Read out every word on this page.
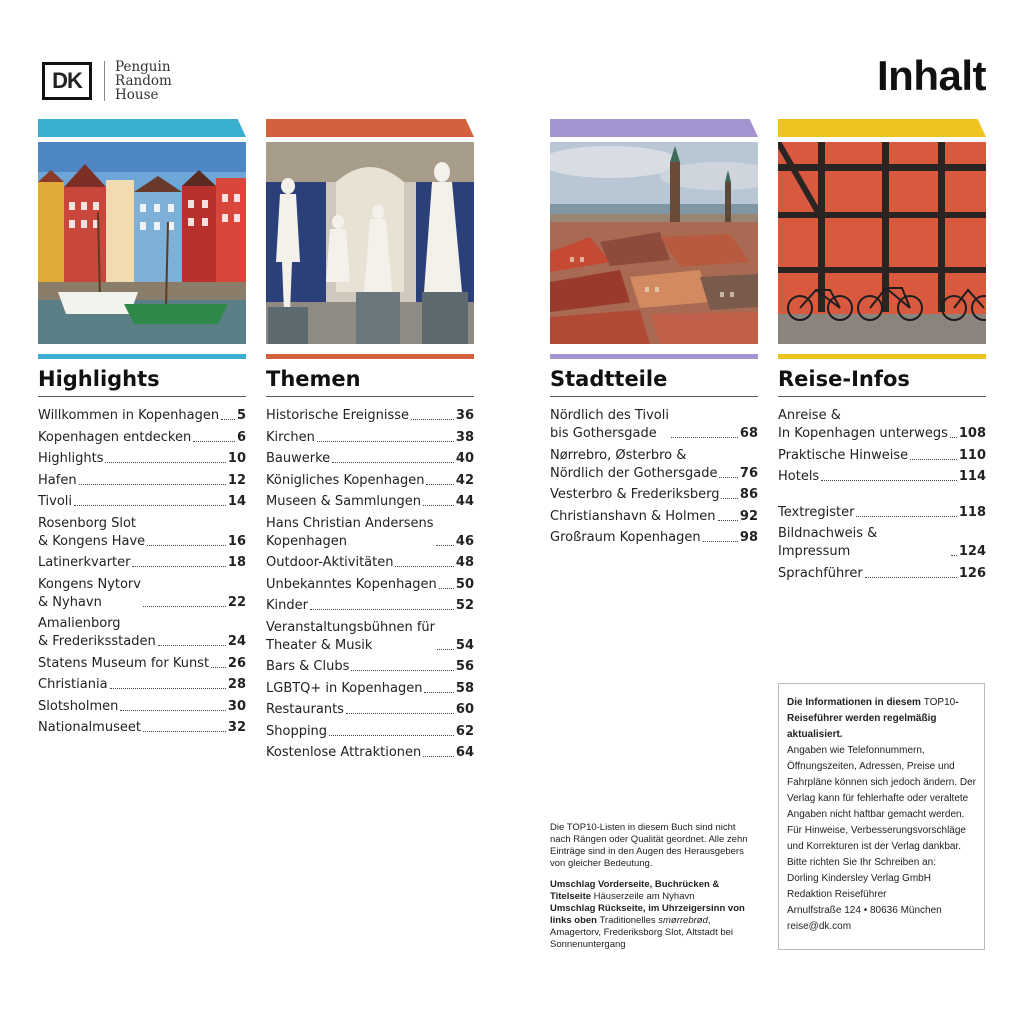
DK
Penguin
Random
House	Inhalt
Highlights
Willkommen in Kopenhagen 5
Kopenhagen entdecken	6
Highlights	10
Hafen	12
Tivoli	14
Rosenborg Slot
& Kongens Have	16
Latinerkvarter	18
Kongens Nytorv
& Nyhavn	22
Amalienborg
& Frederiksstaden	24
Statens Museum for Kunst 26
Christiania	28
Slotsholmen	30
Nationalmuseet	32
Themen
Historische Ereignisse	36
Kirchen	38
Bauwerke	40
Königliches Kopenhagen 42
Museen & Sammlungen	44
Hans Christian Andersens
Kopenhagen	46
Outdoor-Aktivitäten	48
Unbekanntes Kopenhagen 50
Kinder	52
Veranstaltungsbühnen für
Theater & Musik	54
Bars & Clubs	56
LGBTQ+ in Kopenhagen	58
Restaurants	60
Shopping	62
Kostenlose Attraktionen	64
Stadtteile
Nördlich des Tivoli
bis Gothersgade	68
Nørrebro, Østerbro &
Nördlich der Gothersgade 76
Vesterbro & Frederiksberg 86
Christianshavn & Holmen 92
Großraum Kopenhagen	98
Reise-Infos
Anreise &
In Kopenhagen unterwegs 108
Praktische Hinweise	110
Hotels	114
Textregister	118
Bildnachweis & Impressum	124
Sprachführer	126

Die TOP10-Listen in diesem Buch sind nicht nach Rängen oder Qualität geordnet. Alle zehn Einträge sind in den Augen des Herausgebers von gleicher Bedeutung.

Umschlag Vorderseite, Buchrücken & Titelseite Häuserzeile am Nyhavn
Umschlag Rückseite, im Uhrzeigersinn von links oben Traditionelles smørrebrød, Amagertorv, Frederiksborg Slot, Altstadt bei Sonnenuntergang

Die Informationen in diesem TOP10-Reiseführer werden regelmäßig aktualisiert.
Angaben wie Telefonnummern, Öffnungszeiten, Adressen, Preise und Fahrpläne können sich jedoch ändern. Der Verlag kann für fehlerhafte oder veraltete Angaben nicht haftbar gemacht werden. Für Hinweise, Verbesserungsvorschläge und Korrekturen ist der Verlag dankbar. Bitte richten Sie Ihr Schreiben an:
Dorling Kindersley Verlag GmbH
Redaktion Reiseführer
Arnulfstraße 124 • 80636 München
reise@dk.com
